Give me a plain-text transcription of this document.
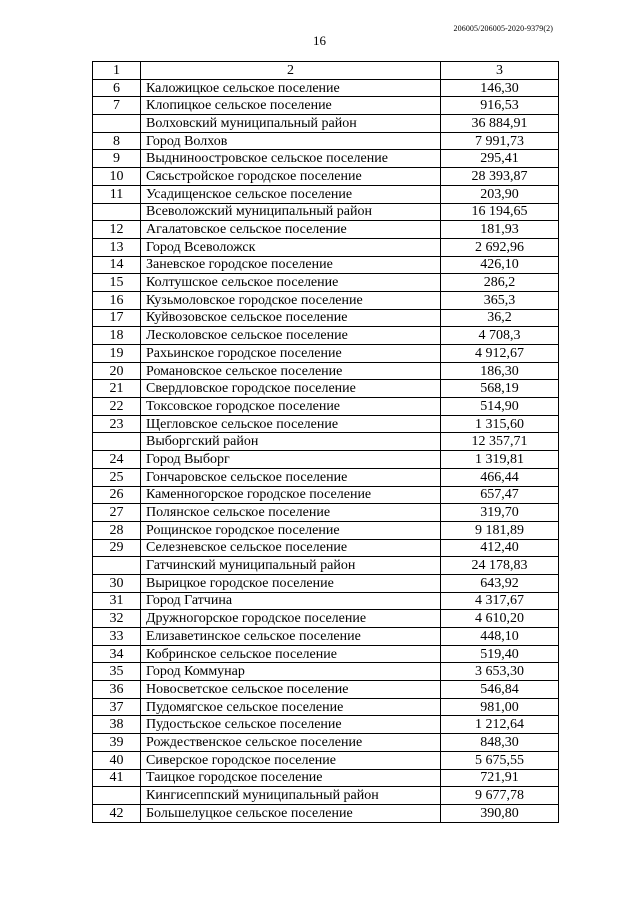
206005/206005-2020-9379(2)
16
1	2	3
6	Каложицкое сельское поселение	146,30
7	Клопицкое сельское поселение	916,53
	Волховский муниципальный район	36 884,91
8	Город Волхов	7 991,73
9	Выдниноостровское сельское поселение	295,41
10	Сясьстройское городское поселение	28 393,87
11	Усадищенское сельское поселение	203,90
	Всеволожский муниципальный район	16 194,65
12	Агалатовское сельское поселение	181,93
13	Город Всеволожск	2 692,96
14	Заневское городское поселение	426,10
15	Колтушское сельское поселение	286,2
16	Кузьмоловское городское поселение	365,3
17	Куйвозовское сельское поселение	36,2
18	Лесколовское сельское поселение	4 708,3
19	Рахьинское городское поселение	4 912,67
20	Романовское сельское поселение	186,30
21	Свердловское городское поселение	568,19
22	Токсовское городское поселение	514,90
23	Щегловское сельское поселение	1 315,60
	Выборгский район	12 357,71
24	Город Выборг	1 319,81
25	Гончаровское сельское поселение	466,44
26	Каменногорское городское поселение	657,47
27	Полянское сельское поселение	319,70
28	Рощинское городское поселение	9 181,89
29	Селезневское сельское поселение	412,40
	Гатчинский муниципальный район	24 178,83
30	Вырицкое городское поселение	643,92
31	Город Гатчина	4 317,67
32	Дружногорское городское поселение	4 610,20
33	Елизаветинское сельское поселение	448,10
34	Кобринское сельское поселение	519,40
35	Город Коммунар	3 653,30
36	Новосветское сельское поселение	546,84
37	Пудомягское сельское поселение	981,00
38	Пудостьское сельское поселение	1 212,64
39	Рождественское сельское поселение	848,30
40	Сиверское городское поселение	5 675,55
41	Таицкое городское поселение	721,91
	Кингисеппский муниципальный район	9 677,78
42	Большелуцкое сельское поселение	390,80
